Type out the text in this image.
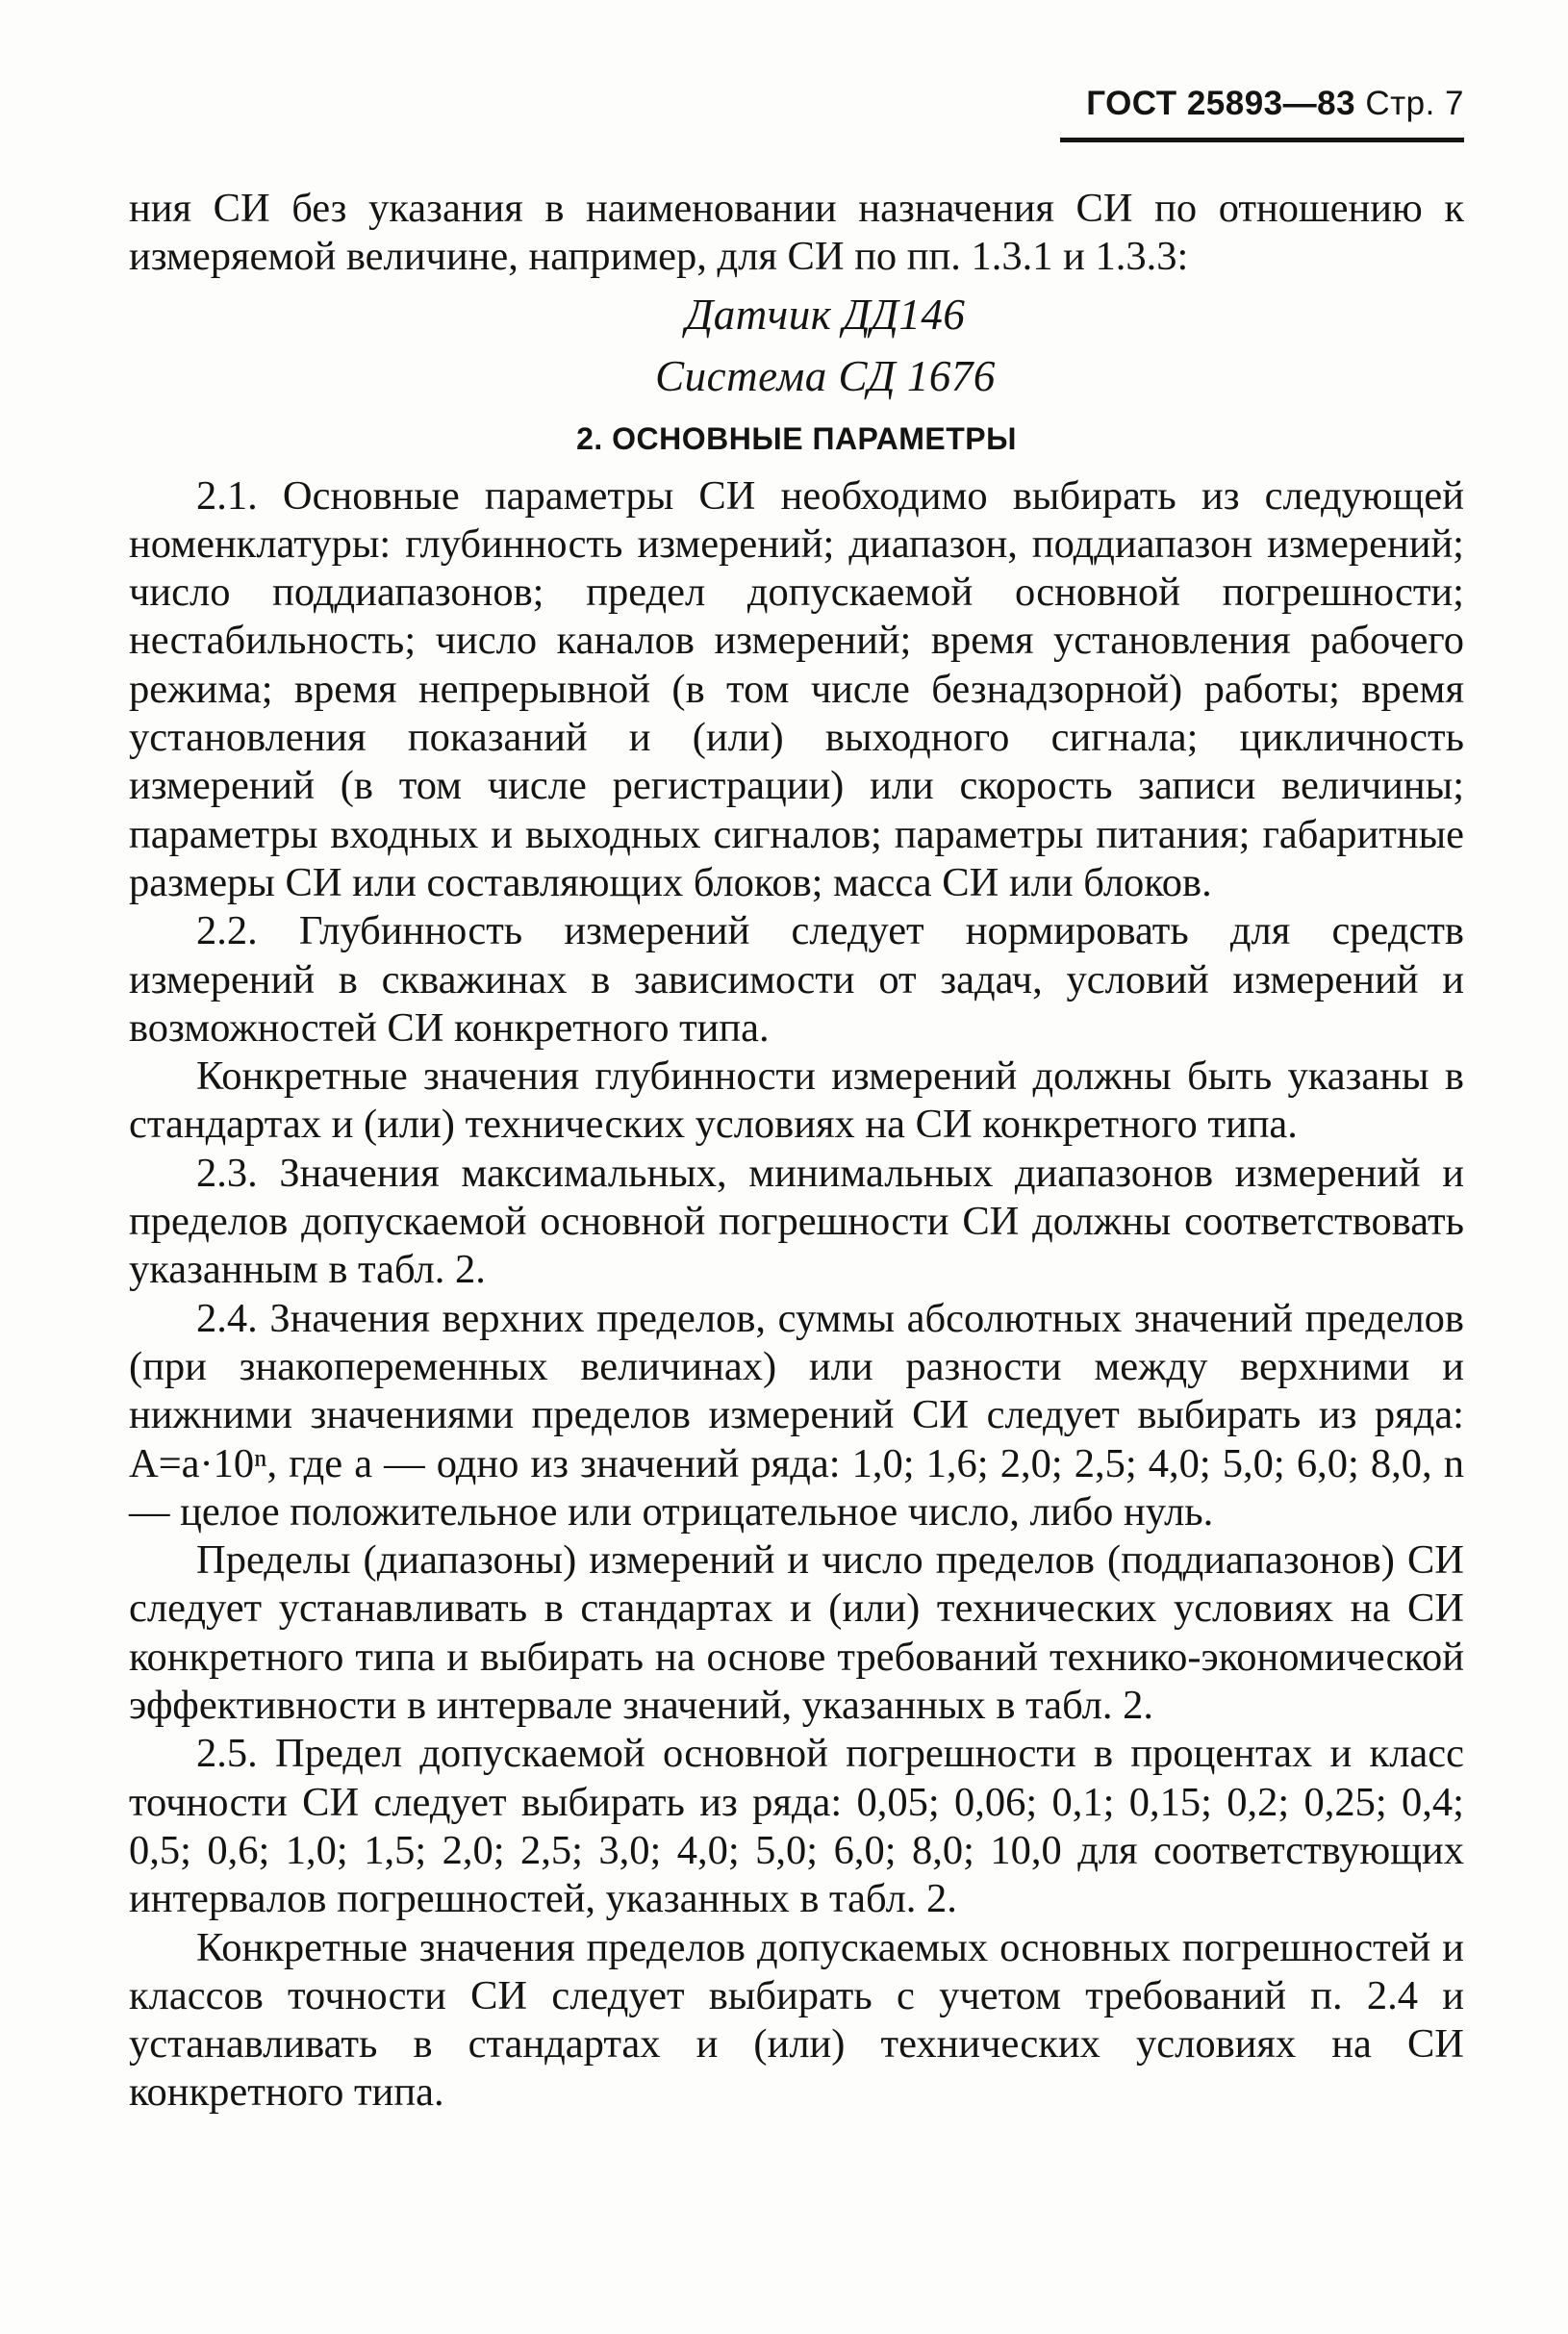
ГОСТ 25893—83 Стр. 7

ния СИ без указания в наименовании назначения СИ по отношению к измеряемой величине, например, для СИ по пп. 1.3.1 и 1.3.3:

Датчик ДД146

Система СД 1676

2. ОСНОВНЫЕ ПАРАМЕТРЫ

2.1. Основные параметры СИ необходимо выбирать из следующей номенклатуры: глубинность измерений; диапазон, поддиапазон измерений; число поддиапазонов; предел допускаемой основной погрешности; нестабильность; число каналов измерений; время установления рабочего режима; время непрерывной (в том числе безнадзорной) работы; время установления показаний и (или) выходного сигнала; цикличность измерений (в том числе регистрации) или скорость записи величины; параметры входных и выходных сигналов; параметры питания; габаритные размеры СИ или составляющих блоков; масса СИ или блоков.

2.2. Глубинность измерений следует нормировать для средств измерений в скважинах в зависимости от задач, условий измерений и возможностей СИ конкретного типа.

Конкретные значения глубинности измерений должны быть указаны в стандартах и (или) технических условиях на СИ конкретного типа.

2.3. Значения максимальных, минимальных диапазонов измерений и пределов допускаемой основной погрешности СИ должны соответствовать указанным в табл. 2.

2.4. Значения верхних пределов, суммы абсолютных значений пределов (при знакопеременных величинах) или разности между верхними и нижними значениями пределов измерений СИ следует выбирать из ряда: A=a·10ⁿ, где a — одно из значений ряда: 1,0; 1,6; 2,0; 2,5; 4,0; 5,0; 6,0; 8,0, n — целое положительное или отрицательное число, либо нуль.

Пределы (диапазоны) измерений и число пределов (поддиапазонов) СИ следует устанавливать в стандартах и (или) технических условиях на СИ конкретного типа и выбирать на основе требований технико-экономической эффективности в интервале значений, указанных в табл. 2.

2.5. Предел допускаемой основной погрешности в процентах и класс точности СИ следует выбирать из ряда: 0,05; 0,06; 0,1; 0,15; 0,2; 0,25; 0,4; 0,5; 0,6; 1,0; 1,5; 2,0; 2,5; 3,0; 4,0; 5,0; 6,0; 8,0; 10,0 для соответствующих интервалов погрешностей, указанных в табл. 2.

Конкретные значения пределов допускаемых основных погрешностей и классов точности СИ следует выбирать с учетом требований п. 2.4 и устанавливать в стандартах и (или) технических условиях на СИ конкретного типа.
